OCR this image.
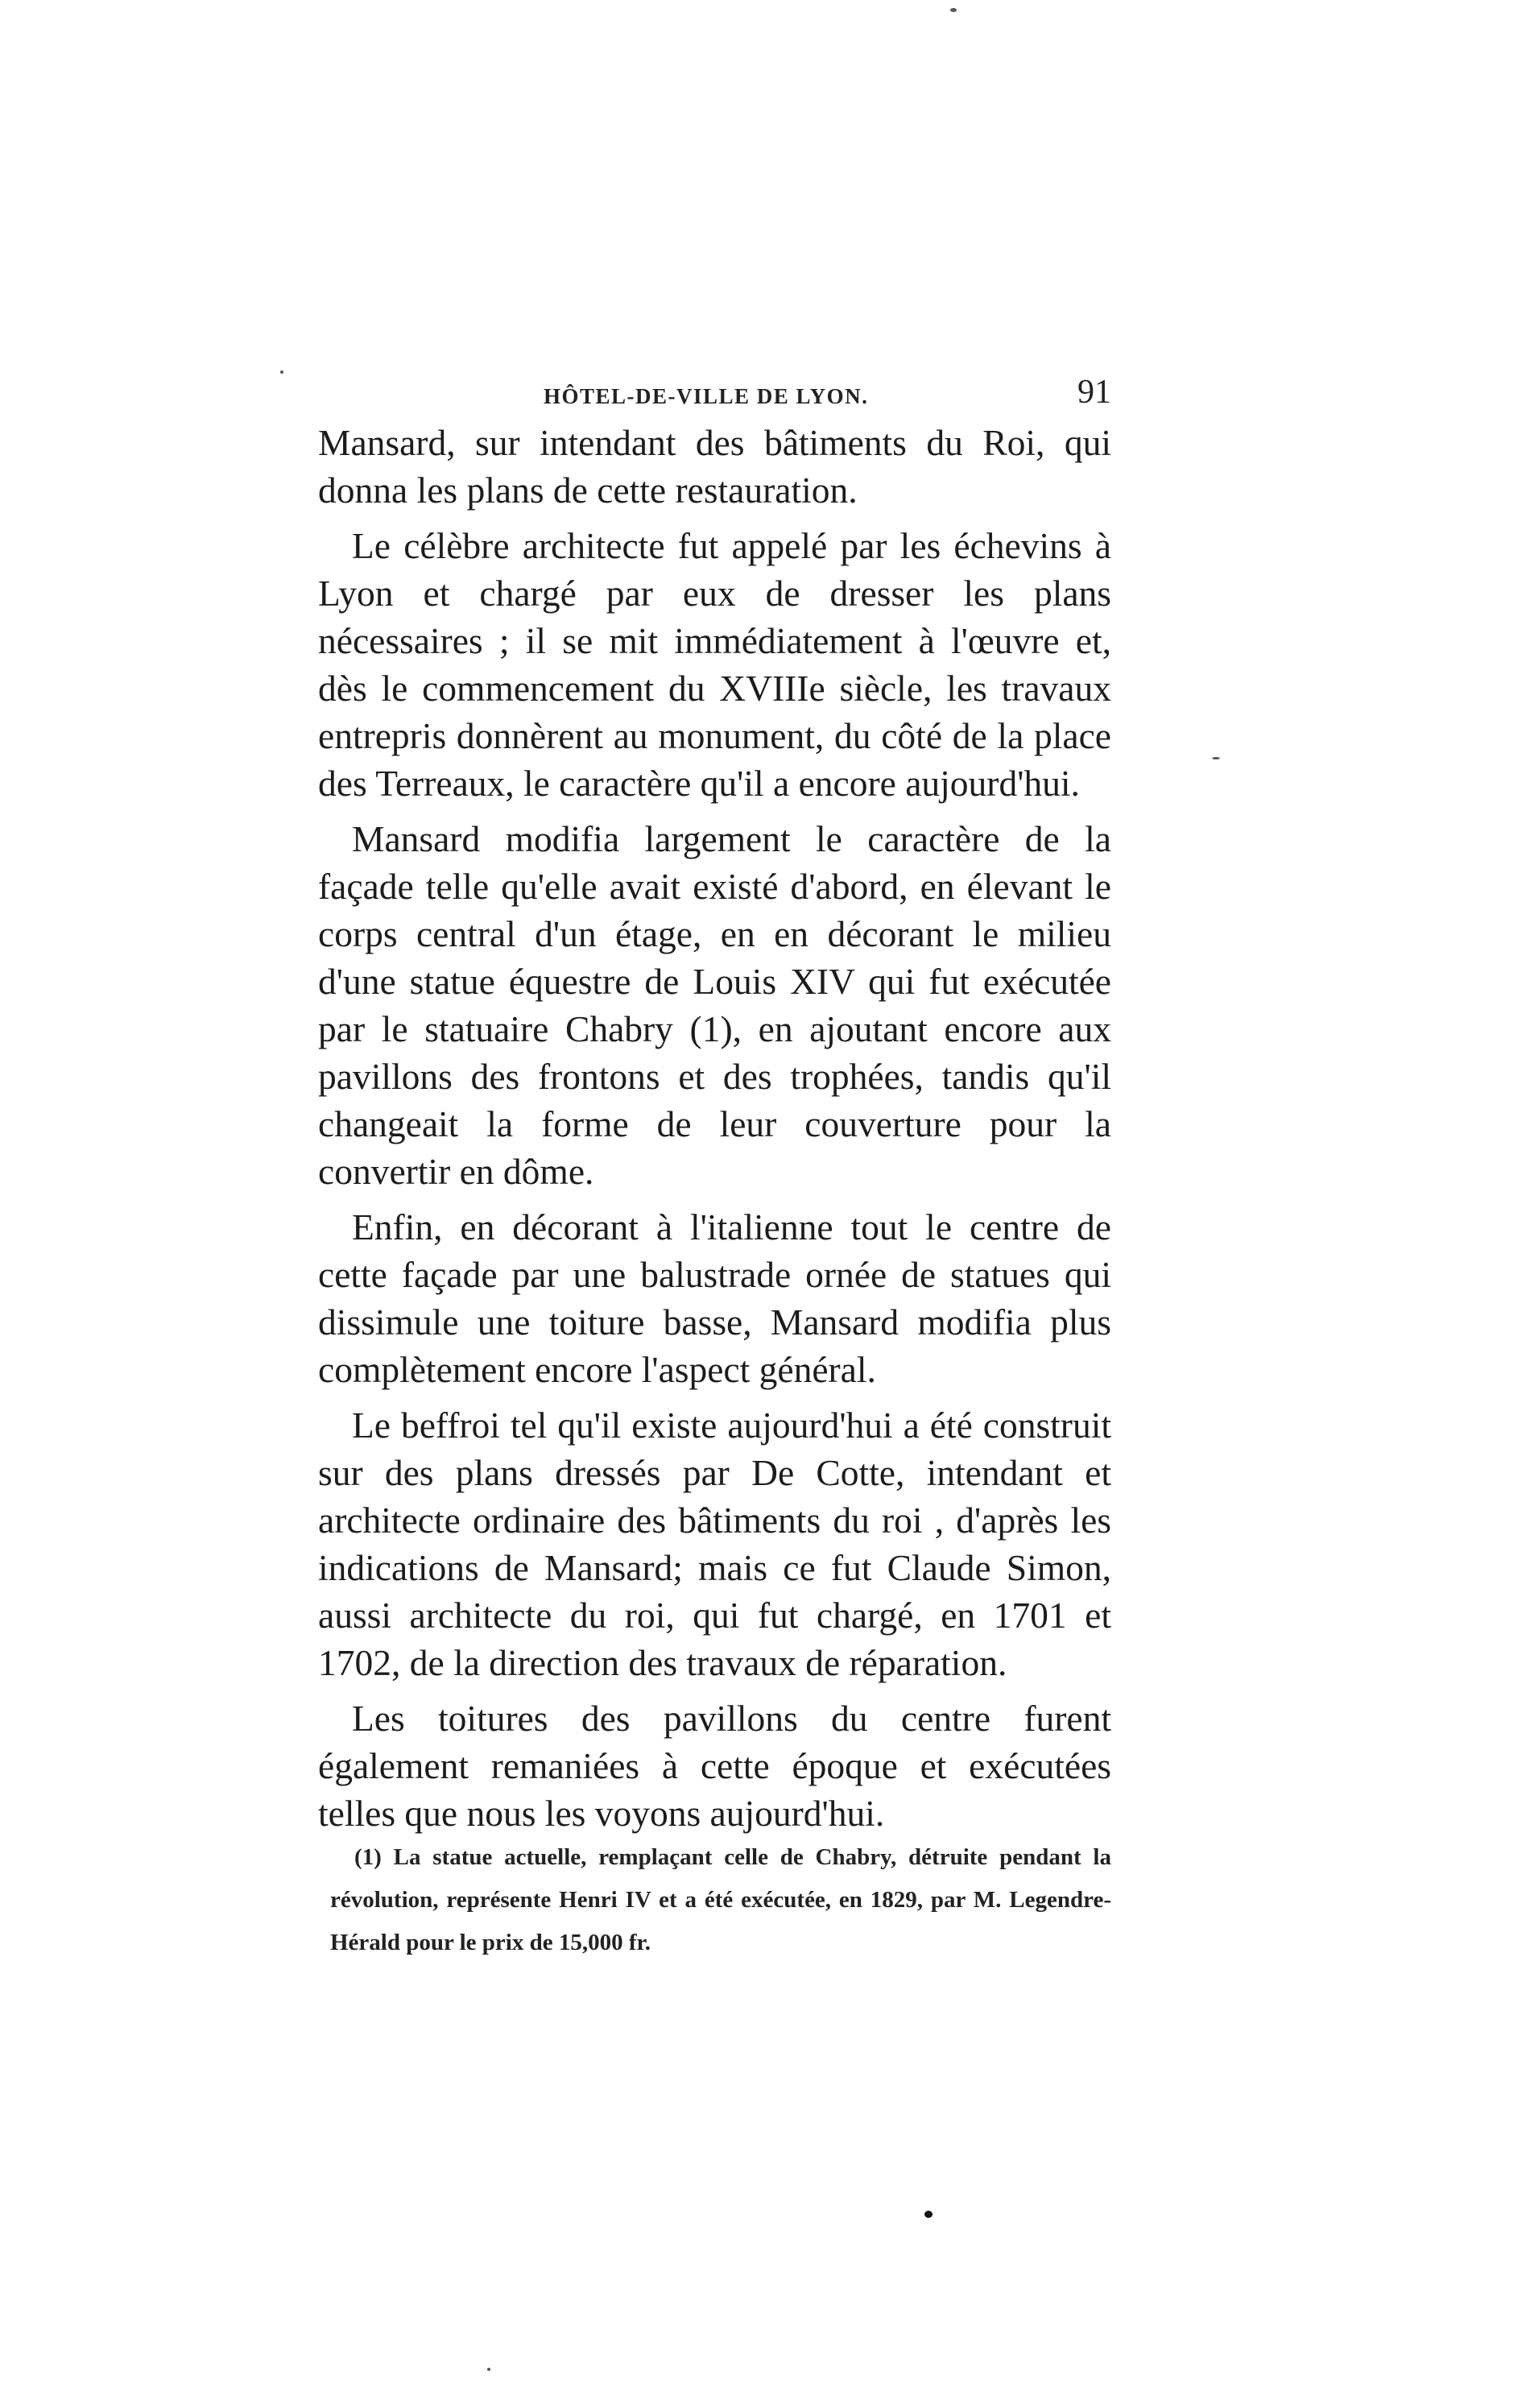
HÔTEL-DE-VILLE DE LYON.	91

Mansard, sur intendant des bâtiments du Roi, qui donna les plans de cette restauration.

Le célèbre architecte fut appelé par les échevins à Lyon et chargé par eux de dresser les plans nécessaires ; il se mit immédiatement à l'œuvre et, dès le commencement du XVIIIe siècle, les travaux entrepris donnèrent au monument, du côté de la place des Terreaux, le caractère qu'il a encore aujourd'hui.

Mansard modifia largement le caractère de la façade telle qu'elle avait existé d'abord, en élevant le corps central d'un étage, en en décorant le milieu d'une statue équestre de Louis XIV qui fut exécutée par le statuaire Chabry (1), en ajoutant encore aux pavillons des frontons et des trophées, tandis qu'il changeait la forme de leur couverture pour la convertir en dôme.

Enfin, en décorant à l'italienne tout le centre de cette façade par une balustrade ornée de statues qui dissimule une toiture basse, Mansard modifia plus complètement encore l'aspect général.

Le beffroi tel qu'il existe aujourd'hui a été construit sur des plans dressés par De Cotte, intendant et architecte ordinaire des bâtiments du roi , d'après les indications de Mansard; mais ce fut Claude Simon, aussi architecte du roi, qui fut chargé, en 1701 et 1702, de la direction des travaux de réparation.

Les toitures des pavillons du centre furent également remaniées à cette époque et exécutées telles que nous les voyons aujourd'hui.

(1) La statue actuelle, remplaçant celle de Chabry, détruite pendant la révolution, représente Henri IV et a été exécutée, en 1829, par M. Legendre-Hérald pour le prix de 15,000 fr.
